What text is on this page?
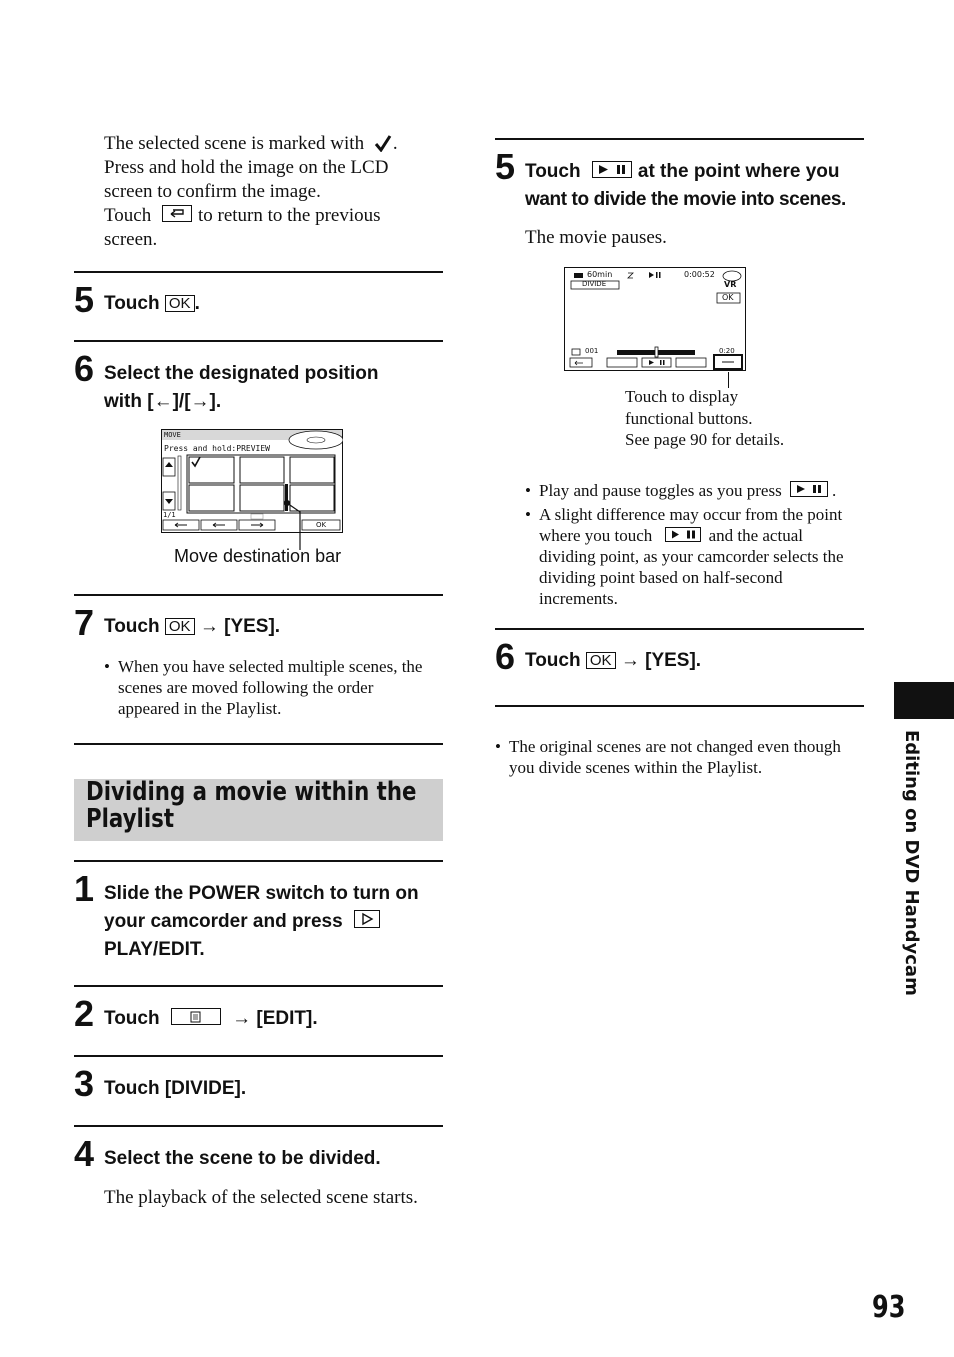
The selected scene is marked with .
Press and hold the image on the LCD
screen to confirm the image.
Touch to return to the previous
screen.
5 Touch OK .
6 Select the designated position
with [←]/[→].
MOVE
Press and hold:PREVIEW
1/1
OK
Move destination bar
7 Touch OK → [YES].
• When you have selected multiple scenes, the
scenes are moved following the order
appeared in the Playlist.
Dividing a movie within the
Playlist
1 Slide the POWER switch to turn on
your camcorder and press
PLAY/EDIT.
2 Touch	→ [EDIT].
3 Touch [DIVIDE].
4 Select the scene to be divided.
The playback of the selected scene starts.
5 Touch	at the point where you
want to divide the movie into scenes.
The movie pauses.
60min	0:00:52
VR
DIVIDE
OK
001	0:20
Touch to display
functional buttons.
See page 90 for details.
• Play and pause toggles as you press	.
• A slight difference may occur from the point
where you touch	and the actual
dividing point, as your camcorder selects the
dividing point based on half-second
increments.
6 Touch OK → [YES].
• The original scenes are not changed even though
you divide scenes within the Playlist.	Editing on DVD Handycam
93
